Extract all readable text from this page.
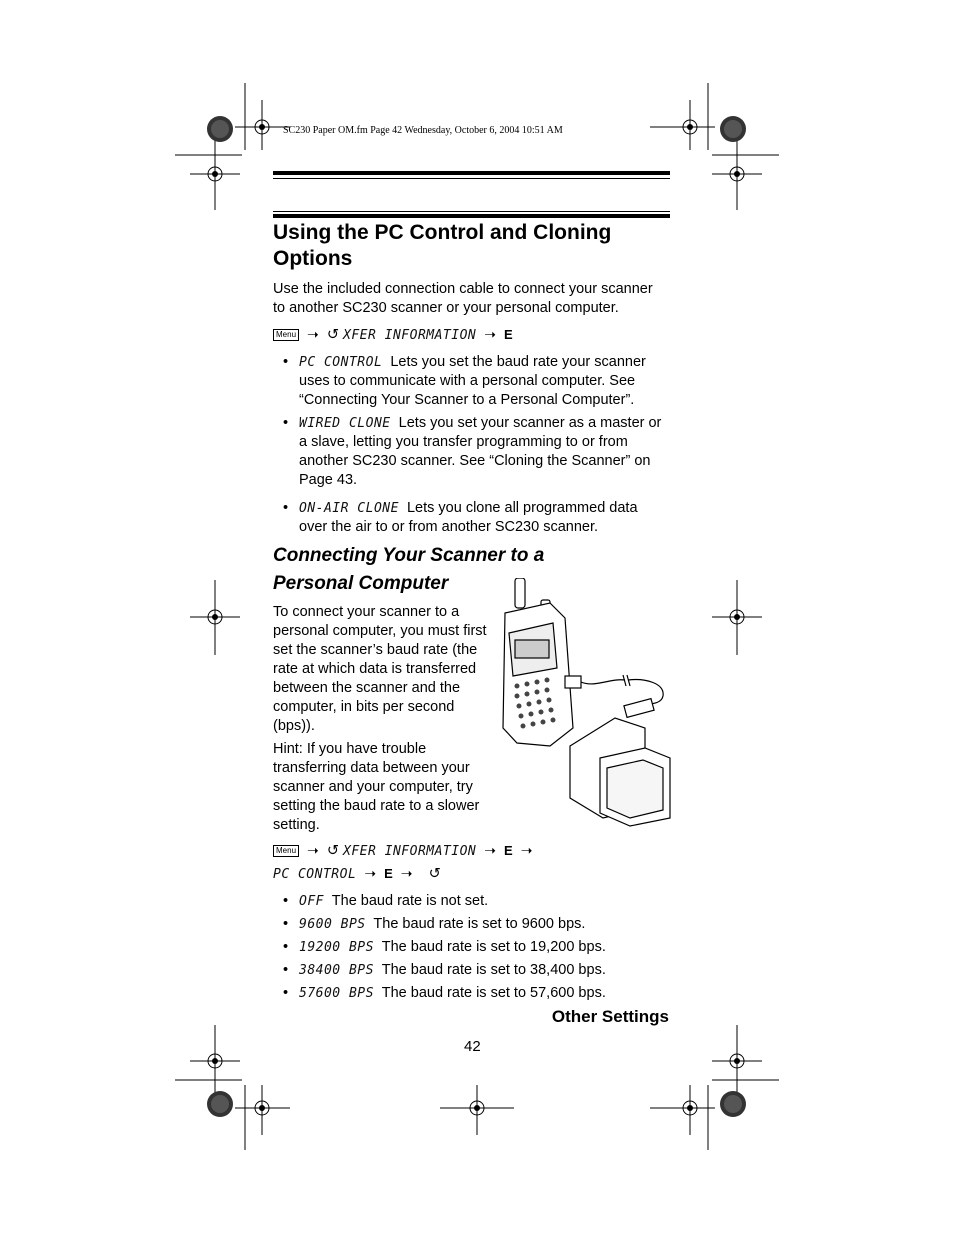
SC230 Paper OM.fm Page 42 Wednesday, October 6, 2004 10:51 AM
Using the PC Control and Cloning Options
Use the included connection cable to connect your scanner to another SC230 scanner or your personal computer.
Menu ➝ ↺ XFER INFORMATION ➝ E
• PC CONTROL Lets you set the baud rate your scanner uses to communicate with a personal computer. See “Connecting Your Scanner to a Personal Computer”.
• WIRED CLONE Lets you set your scanner as a master or a slave, letting you transfer programming to or from another SC230 scanner. See “Cloning the Scanner” on Page 43.
• ON-AIR CLONE Lets you clone all programmed data over the air to or from another SC230 scanner.
Connecting Your Scanner to a Personal Computer
To connect your scanner to a personal computer, you must first set the scanner’s baud rate (the rate at which data is transferred between the scanner and the computer, in bits per second (bps)).
Hint: If you have trouble transferring data between your scanner and your computer, try setting the baud rate to a slower setting.
Menu ➝ ↺ XFER INFORMATION ➝ E ➝
PC CONTROL ➝ E ➝ ↺
• OFF The baud rate is not set.
• 9600 BPS The baud rate is set to 9600 bps.
• 19200 BPS The baud rate is set to 19,200 bps.
• 38400 BPS The baud rate is set to 38,400 bps.
• 57600 BPS The baud rate is set to 57,600 bps.
Other Settings
42
